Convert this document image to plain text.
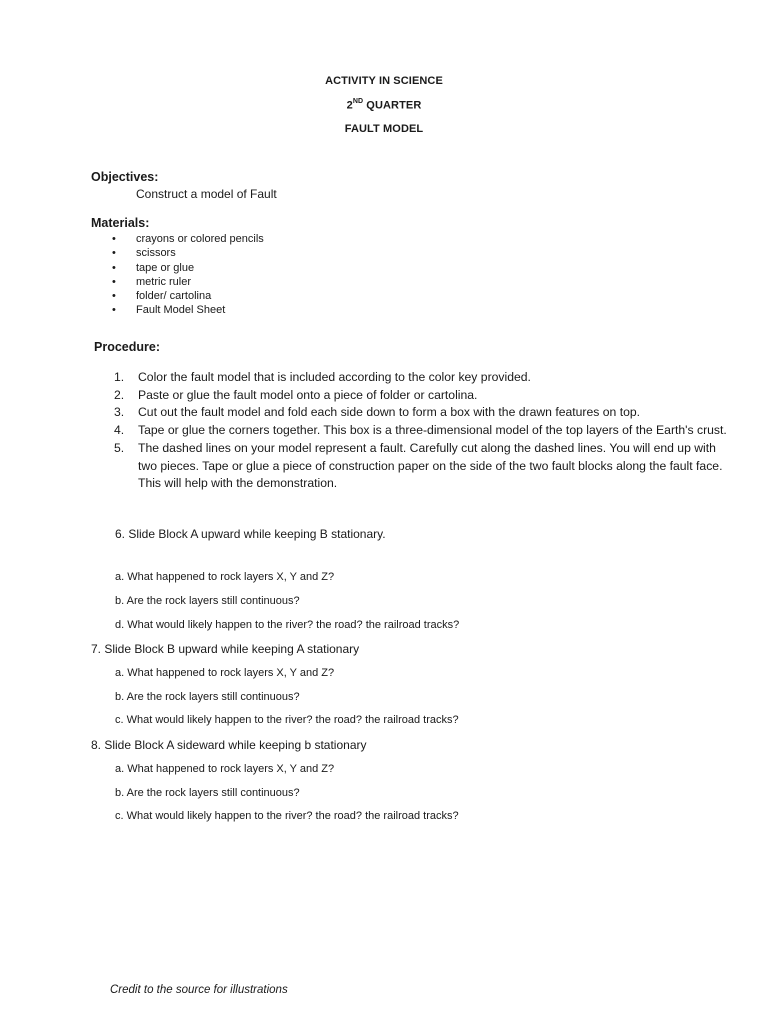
ACTIVITY IN SCIENCE
2ND QUARTER
FAULT MODEL
Objectives:
Construct a model of Fault
Materials:
• crayons or colored pencils
• scissors
• tape or glue
• metric ruler
• folder/ cartolina
• Fault Model Sheet
Procedure:
1. Color the fault model that is included according to the color key provided.
2. Paste or glue the fault model onto a piece of folder or cartolina.
3. Cut out the fault model and fold each side down to form a box with the drawn features on top.
4. Tape or glue the corners together. This box is a three-dimensional model of the top layers of the Earth's crust.
5. The dashed lines on your model represent a fault. Carefully cut along the dashed lines. You will end up with two pieces. Tape or glue a piece of construction paper on the side of the two fault blocks along the fault face. This will help with the demonstration.
6. Slide Block A upward while keeping B stationary.
a. What happened to rock layers X, Y and Z?
b. Are the rock layers still continuous?
d. What would likely happen to the river? the road? the railroad tracks?
7. Slide Block B upward while keeping A stationary
a. What happened to rock layers X, Y and Z?
b. Are the rock layers still continuous?
c. What would likely happen to the river? the road? the railroad tracks?
8. Slide Block A sideward while keeping b stationary
a. What happened to rock layers X, Y and Z?
b. Are the rock layers still continuous?
c. What would likely happen to the river? the road? the railroad tracks?
Credit to the source for illustrations
